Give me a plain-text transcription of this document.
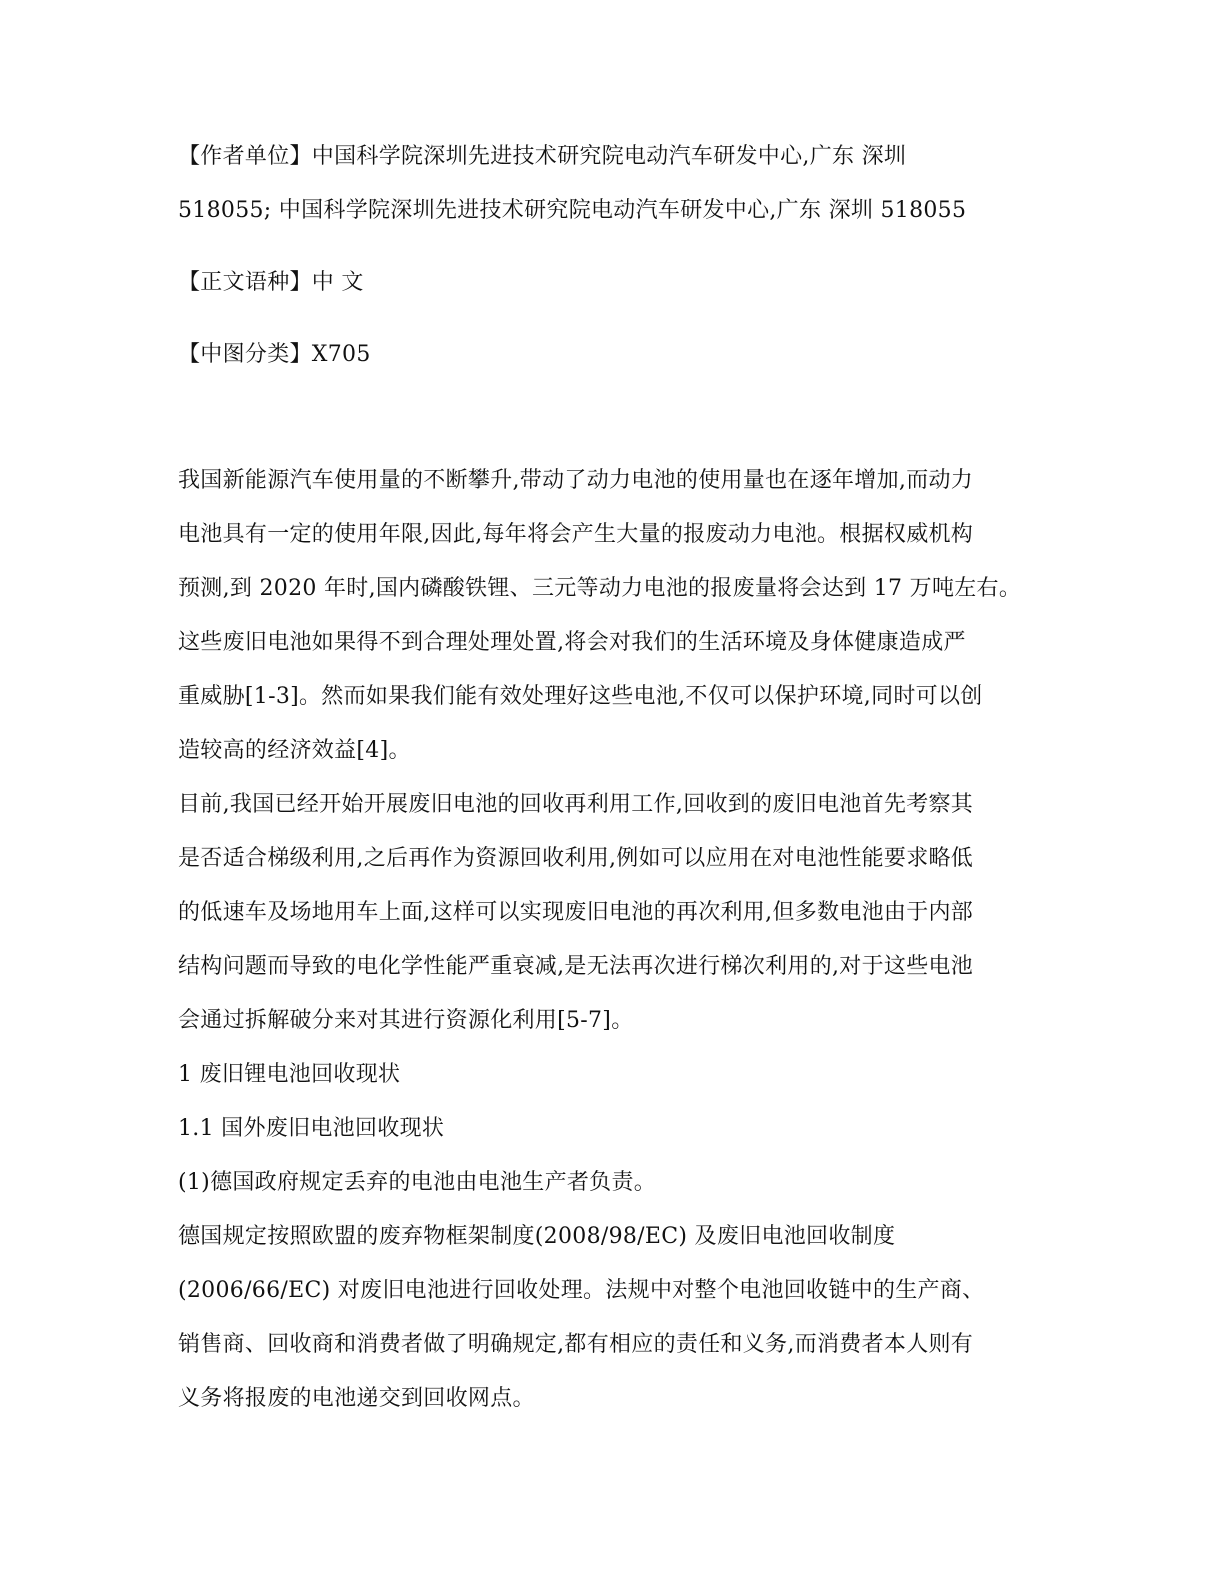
【作者单位】中国科学院深圳先进技术研究院电动汽车研发中心,广东 深圳
518055; 中国科学院深圳先进技术研究院电动汽车研发中心,广东 深圳 518055
【正文语种】中 文
【中图分类】X705
我国新能源汽车使用量的不断攀升,带动了动力电池的使用量也在逐年增加,而动力
电池具有一定的使用年限,因此,每年将会产生大量的报废动力电池。根据权威机构
预测,到 2020 年时,国内磷酸铁锂、三元等动力电池的报废量将会达到 17 万吨左右。
这些废旧电池如果得不到合理处理处置,将会对我们的生活环境及身体健康造成严
重威胁[1-3]。然而如果我们能有效处理好这些电池,不仅可以保护环境,同时可以创
造较高的经济效益[4]。
目前,我国已经开始开展废旧电池的回收再利用工作,回收到的废旧电池首先考察其
是否适合梯级利用,之后再作为资源回收利用,例如可以应用在对电池性能要求略低
的低速车及场地用车上面,这样可以实现废旧电池的再次利用,但多数电池由于内部
结构问题而导致的电化学性能严重衰减,是无法再次进行梯次利用的,对于这些电池
会通过拆解破分来对其进行资源化利用[5-7]。
1 废旧锂电池回收现状
1.1 国外废旧电池回收现状
(1)德国政府规定丢弃的电池由电池生产者负责。
德国规定按照欧盟的废弃物框架制度(2008/98/EC) 及废旧电池回收制度
(2006/66/EC) 对废旧电池进行回收处理。法规中对整个电池回收链中的生产商、
销售商、回收商和消费者做了明确规定,都有相应的责任和义务,而消费者本人则有
义务将报废的电池递交到回收网点。
